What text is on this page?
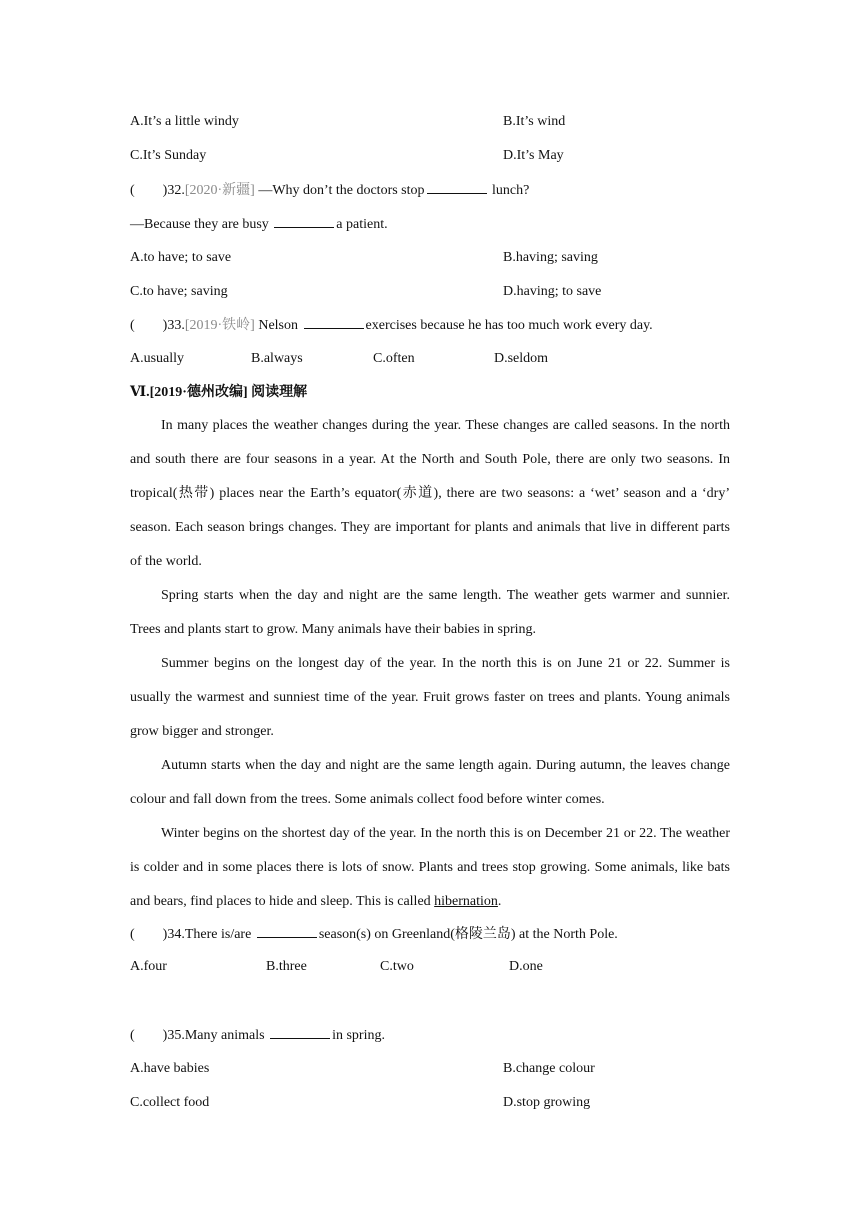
A.It’s a little windy	B.It’s wind
C.It’s Sunday	D.It’s May
( )32.[2020·新疆] —Why don’t the doctors stop	lunch?
—Because they are busy	a patient.
A.to have; to save	B.having; saving
C.to have; saving	D.having; to save
( )33.[2019·铁岭] Nelson	exercises because he has too much work every day.
A.usually	B.always	C.often	D.seldom
Ⅵ.[2019·德州改编] 阅读理解

In many places the weather changes during the year. These changes are called seasons. In the north and south there are four seasons in a year. At the North and South Pole, there are only two seasons. In tropical(热带) places near the Earth’s equator(赤道), there are two seasons: a ‘wet’ season and a ‘dry’ season. Each season brings changes. They are important for plants and animals that live in different parts of the world.

Spring starts when the day and night are the same length. The weather gets warmer and sunnier. Trees and plants start to grow. Many animals have their babies in spring.

Summer begins on the longest day of the year. In the north this is on June 21 or 22. Summer is usually the warmest and sunniest time of the year. Fruit grows faster on trees and plants. Young animals grow bigger and stronger.

Autumn starts when the day and night are the same length again. During autumn, the leaves change colour and fall down from the trees. Some animals collect food before winter comes.

Winter begins on the shortest day of the year. In the north this is on December 21 or 22. The weather is colder and in some places there is lots of snow. Plants and trees stop growing. Some animals, like bats and bears, find places to hide and sleep. This is called hibernation.

( )34.There is/are	season(s) on Greenland(格陵兰岛) at the North Pole.
A.four	B.three	C.two	D.one
( )35.Many animals	in spring.
A.have babies	B.change colour
C.collect food	D.stop growing
